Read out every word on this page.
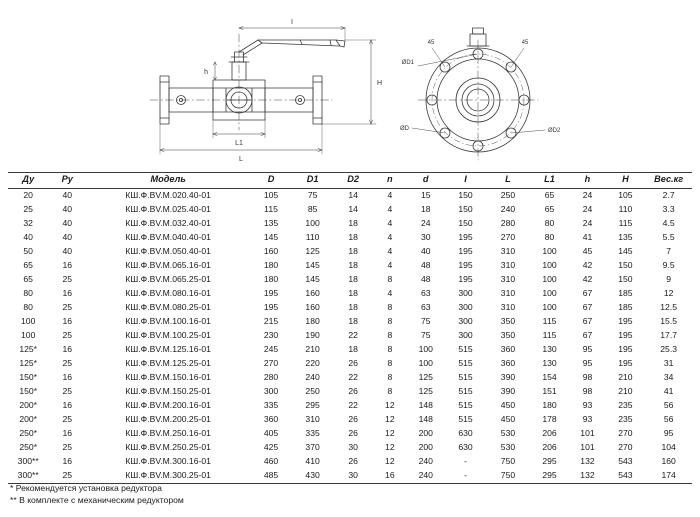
h
H
L1
L
I
45	45
ØD1
ØD	ØD2
Ду	Ру	Модель	D	D1	D2	n	d	I	L	L1	h	H	Вес.кг
20	40	КШ.Ф.ВV.М.020.40-01	105	75	14	4	15	150	250	65	24	105	2.7
25	40	КШ.Ф.ВV.М.025.40-01	115	85	14	4	18	150	240	65	24	110	3.3
32	40	КШ.Ф.ВV.М.032.40-01	135	100	18	4	24	150	280	80	24	115	4.5
40	40	КШ.Ф.ВV.М.040.40-01	145	110	18	4	30	195	270	80	41	135	5.5
50	40	КШ.Ф.ВV.М.050.40-01	160	125	18	4	40	195	310	100	45	145	7
65	16	КШ.Ф.ВV.М.065.16-01	180	145	18	4	48	195	310	100	42	150	9.5
65	25	КШ.Ф.ВV.М.065.25-01	180	145	18	8	48	195	310	100	42	150	9
80	16	КШ.Ф.ВV.М.080.16-01	195	160	18	4	63	300	310	100	67	185	12
80	25	КШ.Ф.ВV.М.080.25-01	195	160	18	8	63	300	310	100	67	185	12.5
100	16	КШ.Ф.ВV.М.100.16-01	215	180	18	8	75	300	350	115	67	195	15.5
100	25	КШ.Ф.ВV.М.100.25-01	230	190	22	8	75	300	350	115	67	195	17.7
125*	16	КШ.Ф.ВV.М.125.16-01	245	210	18	8	100	515	360	130	95	195	25.3
125*	25	КШ.Ф.ВV.М.125.25-01	270	220	26	8	100	515	360	130	95	195	31
150*	16	КШ.Ф.ВV.М.150.16-01	280	240	22	8	125	515	390	154	98	210	34
150*	25	КШ.Ф.ВV.М.150.25-01	300	250	26	8	125	515	390	151	98	210	41
200*	16	КШ.Ф.ВV.М.200.16-01	335	295	22	12	148	515	450	180	93	235	56
200*	25	КШ.Ф.ВV.М.200.25-01	360	310	26	12	148	515	450	178	93	235	56
250*	16	КШ.Ф.ВV.М.250.16-01	405	335	26	12	200	630	530	206	101	270	95
250*	25	КШ.Ф.ВV.М.250.25-01	425	370	30	12	200	630	530	206	101	270	104
300**	16	КШ.Ф.ВV.М.300.16-01	460	410	26	12	240	-	750	295	132	543	160
300**	25	КШ.Ф.ВV.М.300.25-01	485	430	30	16	240	-	750	295	132	543	174
* Рекомендуется установка редуктора
** В комплекте с механическим редуктором
